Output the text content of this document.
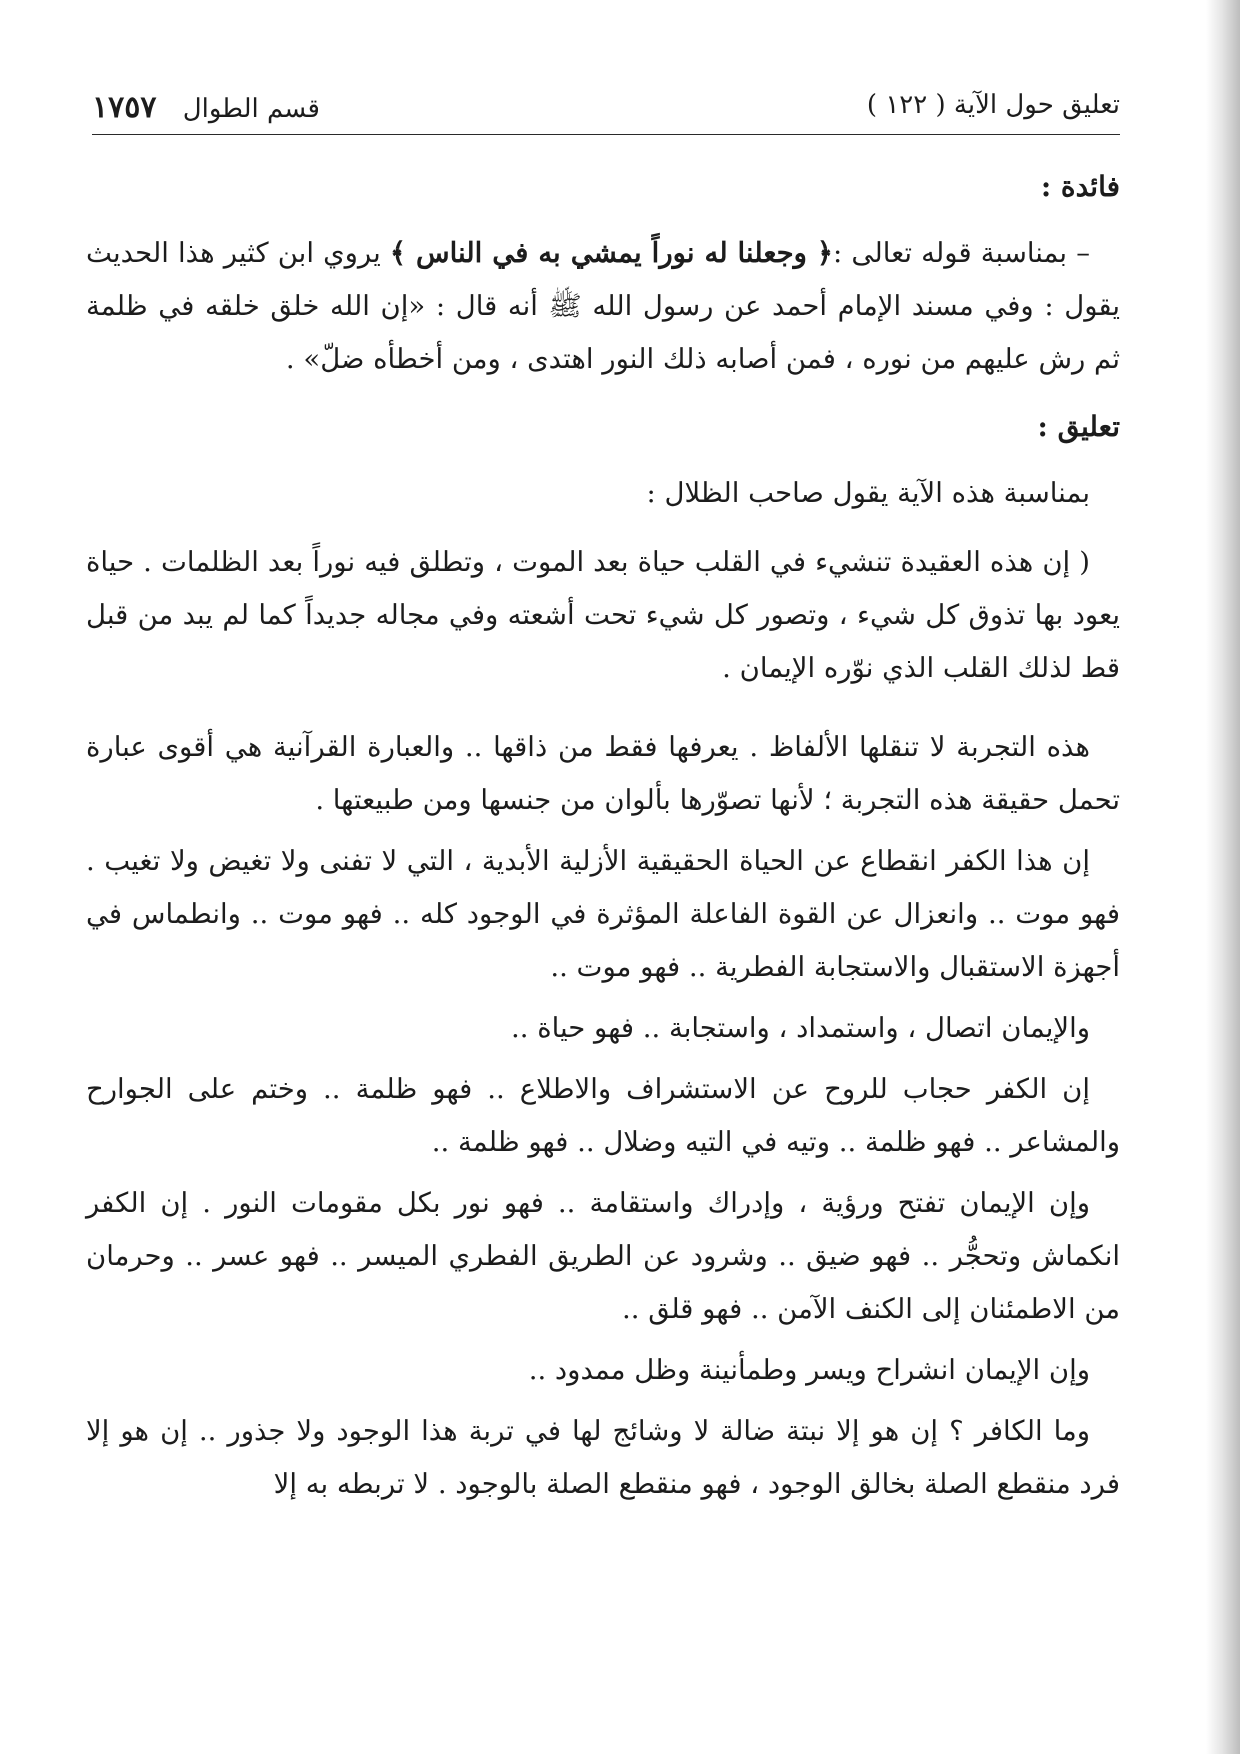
تعليق حول الآية ( ١٢٢ )
قسم الطوال ١٧٥٧
فائدة :

– بمناسبة قوله تعالى :﴿ وجعلنا له نوراً يمشي به في الناس ﴾ يروي ابن كثير هذا الحديث يقول : وفي مسند الإمام أحمد عن رسول الله ﷺ أنه قال : «إن الله خلق خلقه في ظلمة ثم رش عليهم من نوره ، فمن أصابه ذلك النور اهتدى ، ومن أخطأه ضلّ» .

تعليق :

بمناسبة هذه الآية يقول صاحب الظلال :

( إن هذه العقيدة تنشيء في القلب حياة بعد الموت ، وتطلق فيه نوراً بعد الظلمات . حياة يعود بها تذوق كل شيء ، وتصور كل شيء تحت أشعته وفي مجاله جديداً كما لم يبد من قبل قط لذلك القلب الذي نوّره الإيمان .

هذه التجربة لا تنقلها الألفاظ . يعرفها فقط من ذاقها .. والعبارة القرآنية هي أقوى عبارة تحمل حقيقة هذه التجربة ؛ لأنها تصوّرها بألوان من جنسها ومن طبيعتها .

إن هذا الكفر انقطاع عن الحياة الحقيقية الأزلية الأبدية ، التي لا تفنى ولا تغيض ولا تغيب . فهو موت .. وانعزال عن القوة الفاعلة المؤثرة في الوجود كله .. فهو موت .. وانطماس في أجهزة الاستقبال والاستجابة الفطرية .. فهو موت ..

والإيمان اتصال ، واستمداد ، واستجابة .. فهو حياة ..

إن الكفر حجاب للروح عن الاستشراف والاطلاع .. فهو ظلمة .. وختم على الجوارح والمشاعر .. فهو ظلمة .. وتيه في التيه وضلال .. فهو ظلمة ..

وإن الإيمان تفتح ورؤية ، وإدراك واستقامة .. فهو نور بكل مقومات النور . إن الكفر انكماش وتحجُّر .. فهو ضيق .. وشرود عن الطريق الفطري الميسر .. فهو عسر .. وحرمان من الاطمئنان إلى الكنف الآمن .. فهو قلق ..

وإن الإيمان انشراح ويسر وطمأنينة وظل ممدود ..

وما الكافر ؟ إن هو إلا نبتة ضالة لا وشائج لها في تربة هذا الوجود ولا جذور .. إن هو إلا فرد منقطع الصلة بخالق الوجود ، فهو منقطع الصلة بالوجود . لا تربطه به إلا
